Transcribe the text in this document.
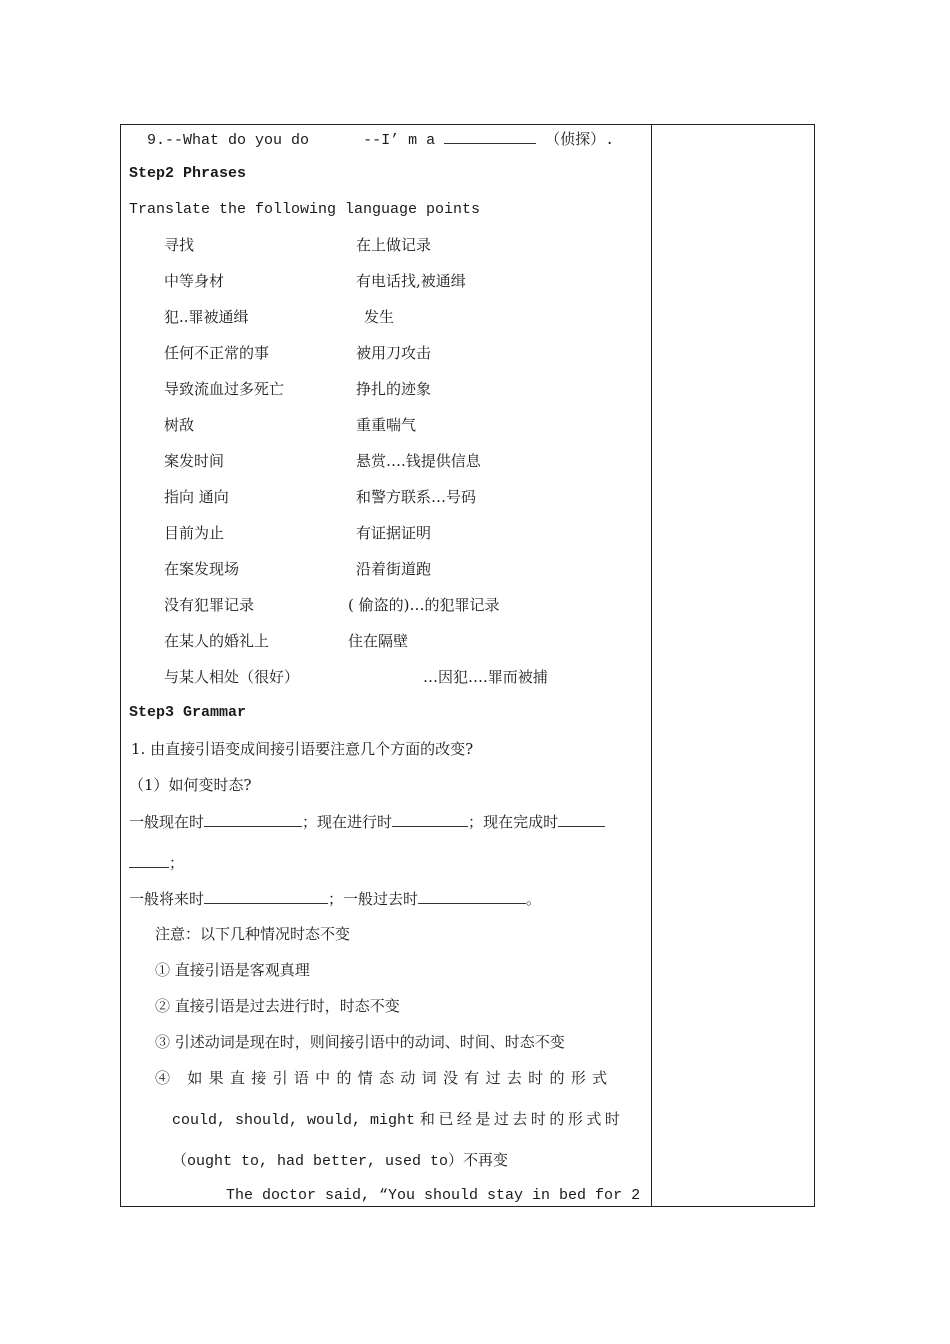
9.--What do you do	--I’ m a	（侦探）.
Step2 Phrases
Translate the following language points
寻找	在上做记录
中等身材	有电话找,被通缉
犯..罪被通缉	发生
任何不正常的事	被用刀攻击
导致流血过多死亡	挣扎的迹象
树敌	重重喘气
案发时间	悬赏….钱提供信息
指向 通向	和警方联系…号码
目前为止	有证据证明
在案发现场	沿着街道跑
没有犯罪记录	( 偷盗的)…的犯罪记录
在某人的婚礼上	住在隔壁
与某人相处（很好）	…因犯….罪而被捕
Step3 Grammar
1. 由直接引语变成间接引语要注意几个方面的改变?
（1）如何变时态?
一般现在时	；现在进行时	；现在完成时
；
一般将来时	；一般过去时	。
注意：以下几种情况时态不变
① 直接引语是客观真理
② 直接引语是过去进行时，时态不变
③ 引述动词是现在时，则间接引语中的动词、时间、时态不变
④ 如果直接引语中的情态动词没有过去时的形式
could, should, would, might 和已经是过去时的形式时
（ought to, had better, used to）不再变
The doctor said, “You should stay in bed for 2
